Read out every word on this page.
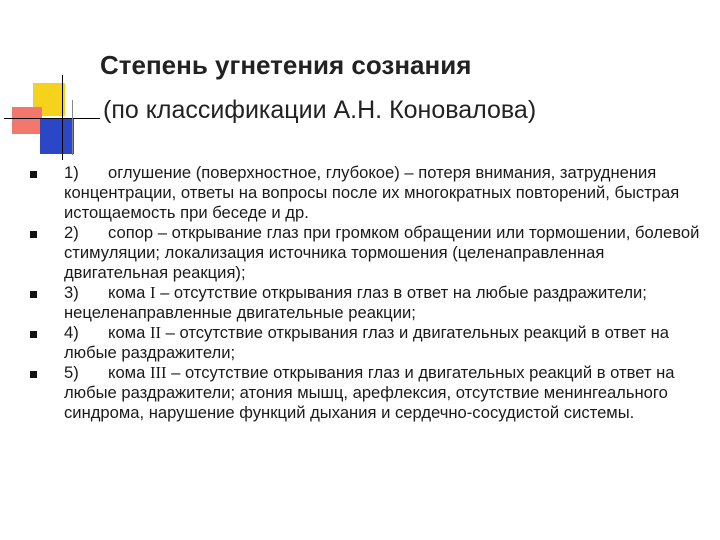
Степень угнетения сознания
(по классификации А.Н. Коновалова)
1) оглушение (поверхностное, глубокое) – потеря внимания, затруднения концентрации, ответы на вопросы после их многократных повторений, быстрая истощаемость при беседе и др.
2) сопор – открывание глаз при громком обращении или тормошении, болевой стимуляции; локализация источника тормошения (целенаправленная двигательная реакция);
3) кома I – отсутствие открывания глаз в ответ на любые раздражители; нецеленаправленные двигательные реакции;
4) кома II – отсутствие открывания глаз и двигательных реакций в ответ на любые раздражители;
5) кома III – отсутствие открывания глаз и двигательных реакций в ответ на любые раздражители; атония мышц, арефлексия, отсутствие менингеального синдрома, нарушение функций дыхания и сердечно-сосудистой системы.
